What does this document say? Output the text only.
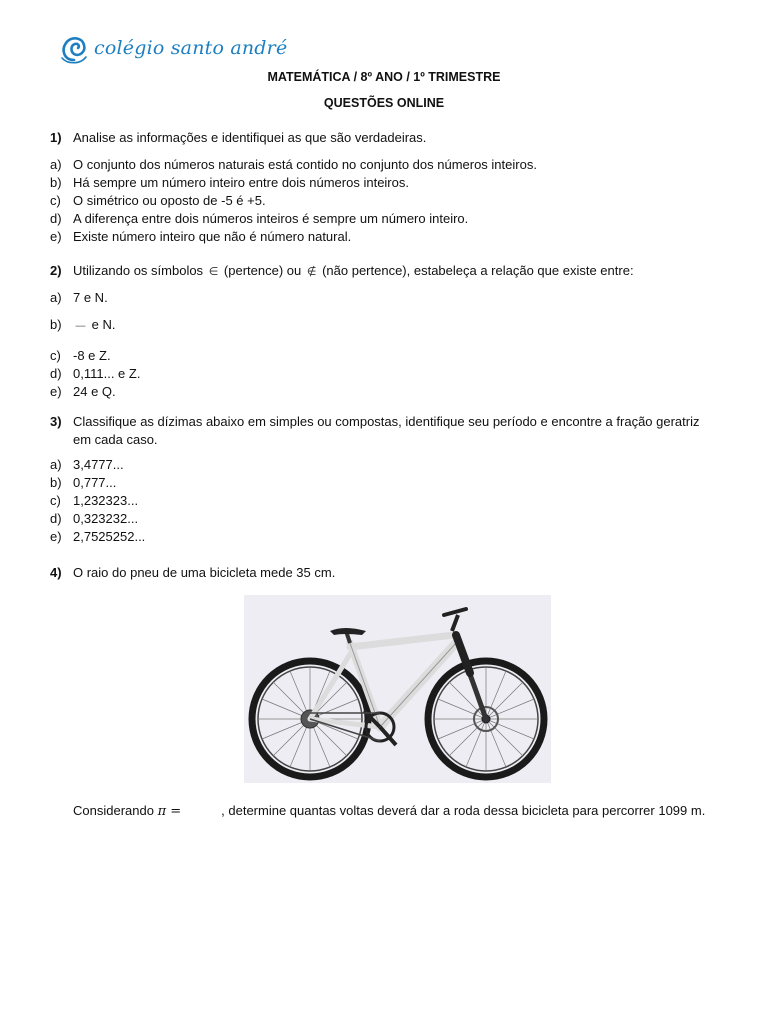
colégio santo andré
MATEMÁTICA / 8º ANO / 1º TRIMESTRE
QUESTÕES ONLINE
1) Analise as informações e identifiquei as que são verdadeiras.
a) O conjunto dos números naturais está contido no conjunto dos números inteiros.
b) Há sempre um número inteiro entre dois números inteiros.
c) O simétrico ou oposto de -5 é +5.
d) A diferença entre dois números inteiros é sempre um número inteiro.
e) Existe número inteiro que não é número natural.
2) Utilizando os símbolos ∈ (pertence) ou ∉ (não pertence), estabeleça a relação que existe entre:
a) 7 e N.
b)	— e N.
c) -8 e Z.
d) 0,111... e Z.
e) 24 e Q.
3) Classifique as dízimas abaixo em simples ou compostas, identifique seu período e encontre a fração geratriz em cada caso.
a) 3,4777...
b) 0,777...
c) 1,232323...
d) 0,323232...
e) 2,7525252...
4) O raio do pneu de uma bicicleta mede 35 cm.
Considerando π =	, determine quantas voltas deverá dar a roda dessa bicicleta para percorrer 1099 m.
